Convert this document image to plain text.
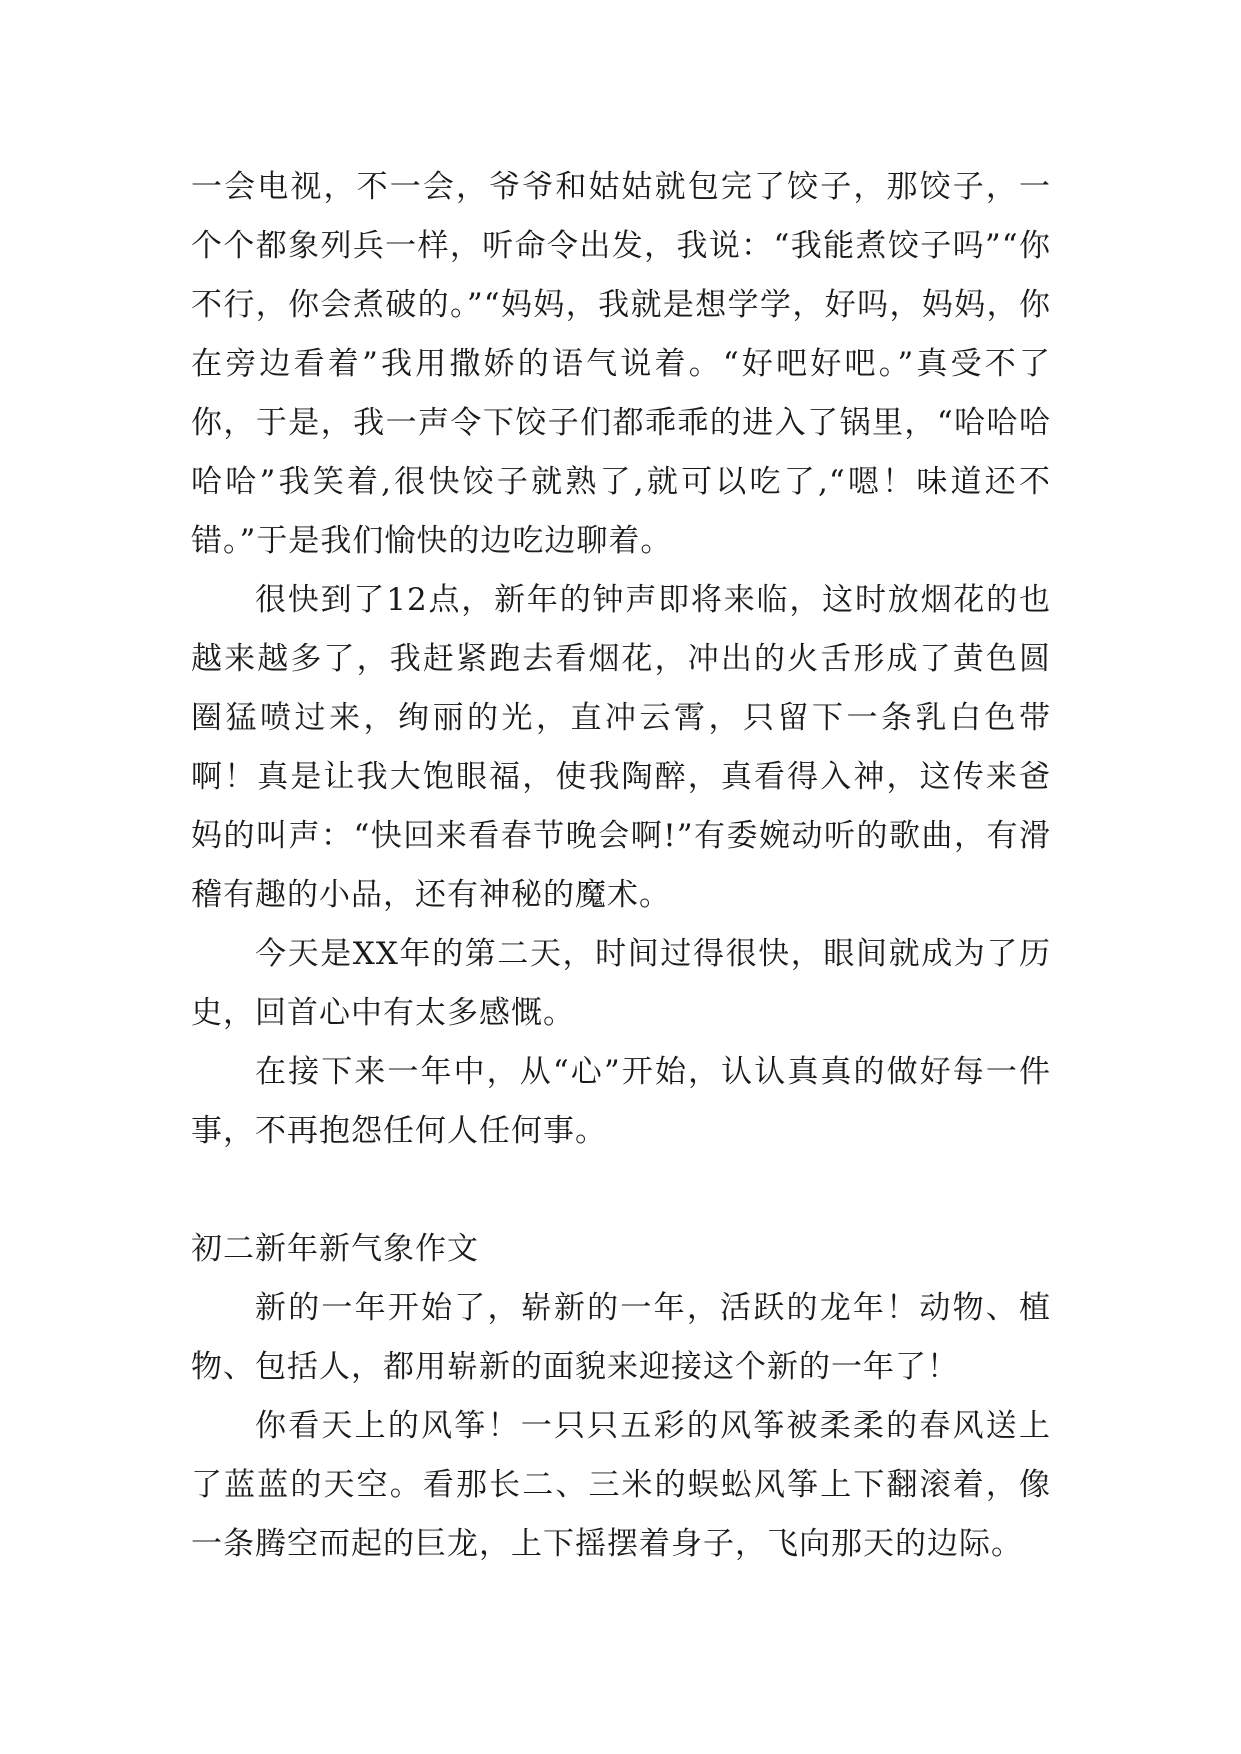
一会电视，不一会，爷爷和姑姑就包完了饺子，那饺子，一个个都象列兵一样，听命令出发，我说：“我能煮饺子吗”“你不行，你会煮破的。”“妈妈，我就是想学学，好吗，妈妈，你在旁边看着”我用撒娇的语气说着。“好吧好吧。”真受不了你，于是，我一声令下饺子们都乖乖的进入了锅里，“哈哈哈哈哈”我笑着,很快饺子就熟了,就可以吃了,“嗯！味道还不错。”于是我们愉快的边吃边聊着。

很快到了12点，新年的钟声即将来临，这时放烟花的也越来越多了，我赶紧跑去看烟花，冲出的火舌形成了黄色圆圈猛喷过来，绚丽的光，直冲云霄，只留下一条乳白色带啊！真是让我大饱眼福，使我陶醉，真看得入神，这传来爸妈的叫声：“快回来看春节晚会啊!”有委婉动听的歌曲，有滑稽有趣的小品，还有神秘的魔术。

今天是XX年的第二天，时间过得很快，眼间就成为了历史，回首心中有太多感慨。

在接下来一年中，从“心”开始，认认真真的做好每一件事，不再抱怨任何人任何事。

初二新年新气象作文

新的一年开始了，崭新的一年，活跃的龙年！动物、植物、包括人，都用崭新的面貌来迎接这个新的一年了！

你看天上的风筝！一只只五彩的风筝被柔柔的春风送上了蓝蓝的天空。看那长二、三米的蜈蚣风筝上下翻滚着，像一条腾空而起的巨龙，上下摇摆着身子，飞向那天的边际。
